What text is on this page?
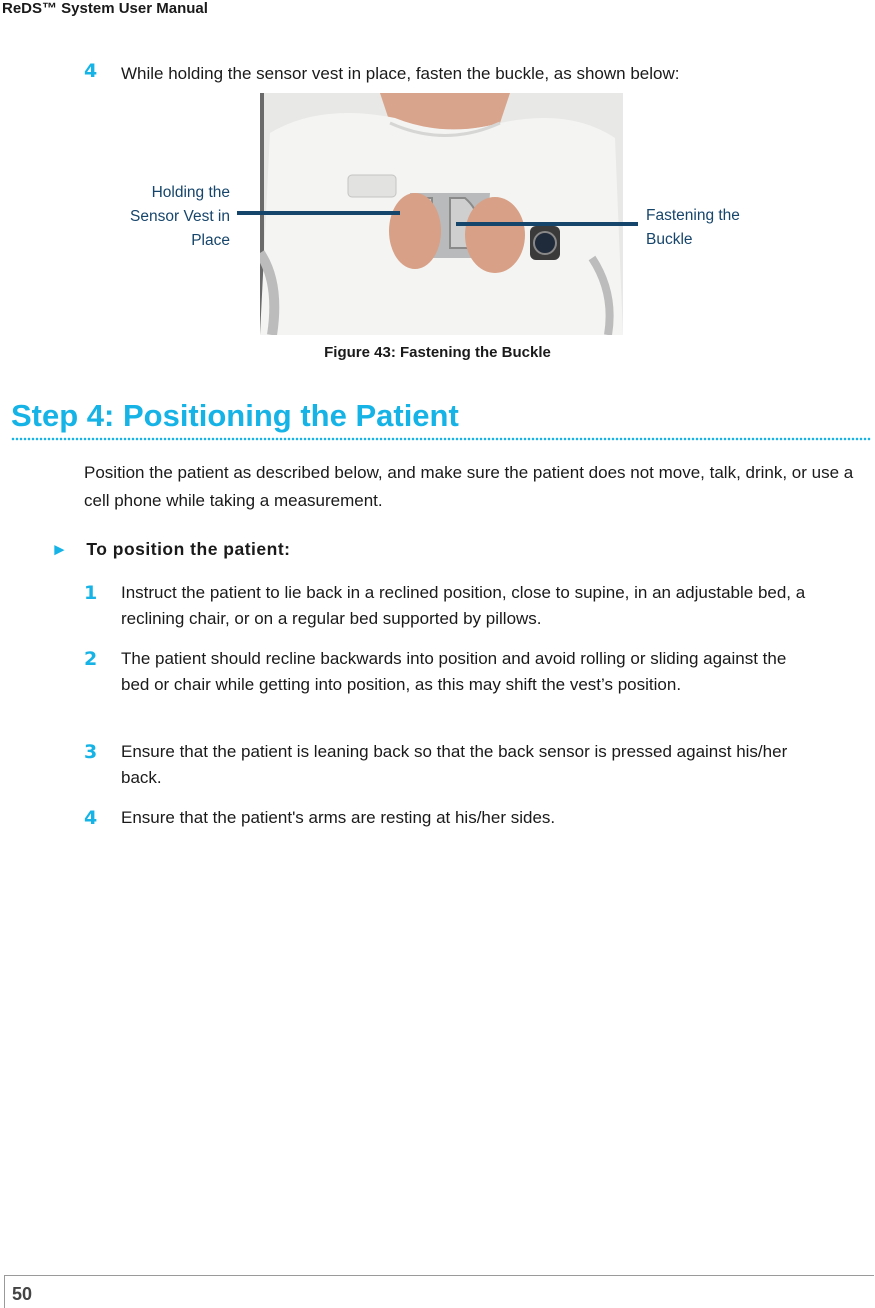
ReDS™ System User Manual
4 While holding the sensor vest in place, fasten the buckle, as shown below:
Holding the Sensor Vest in Place
Fastening the Buckle
Figure 43: Fastening the Buckle
Step 4: Positioning the Patient
Position the patient as described below, and make sure the patient does not move, talk, drink, or use a cell phone while taking a measurement.
► To position the patient:
1 Instruct the patient to lie back in a reclined position, close to supine, in an adjustable bed, a reclining chair, or on a regular bed supported by pillows.
2 The patient should recline backwards into position and avoid rolling or sliding against the bed or chair while getting into position, as this may shift the vest’s position.
3 Ensure that the patient is leaning back so that the back sensor is pressed against his/her back.
4 Ensure that the patient's arms are resting at his/her sides.
50
